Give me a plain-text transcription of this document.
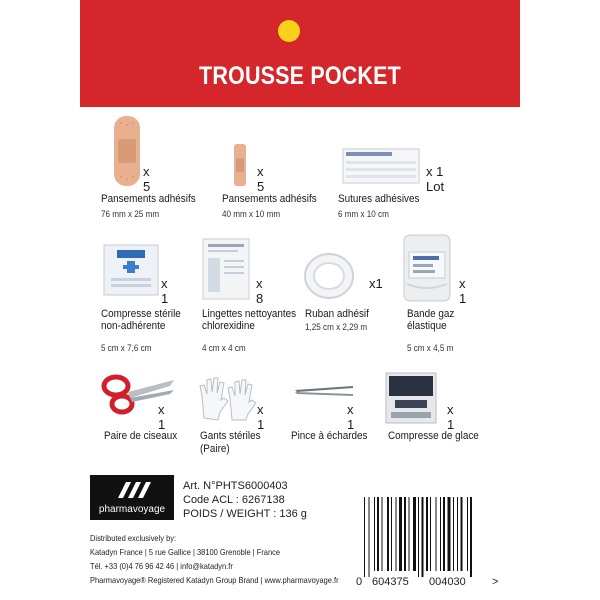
TROUSSE POCKET
x 5
Pansements adhésifs
76 mm x 25 mm
x 5
Pansements adhésifs
40 mm x 10 mm
x 1 Lot
Sutures adhésives
6 mm x 10 cm
x 1
Compresse stérile
non-adhérente
5 cm x 7,6 cm
x 8
Lingettes nettoyantes
chlorexidine
4 cm x 4 cm
x1
Ruban adhésif
1,25 cm x 2,29 m
x 1
Bande gaz
élastique
5 cm x 4,5 m
x 1
Paire de ciseaux
x 1
Gants stériles
(Paire)
x 1
Pince à échardes
x 1
Compresse de glace
pharmavoyage
Art. N°PHTS6000403
Code ACL : 6267138
POIDS / WEIGHT : 136 g
Distributed exclusively by:
Katadyn France | 5 rue Gallice | 38100 Grenoble | France
Tél. +33 (0)4 76 96 42 46 | info@katadyn.fr
Pharmavoyage® Registered Katadyn Group Brand | www.pharmavoyage.fr 0 604375 004030 >
